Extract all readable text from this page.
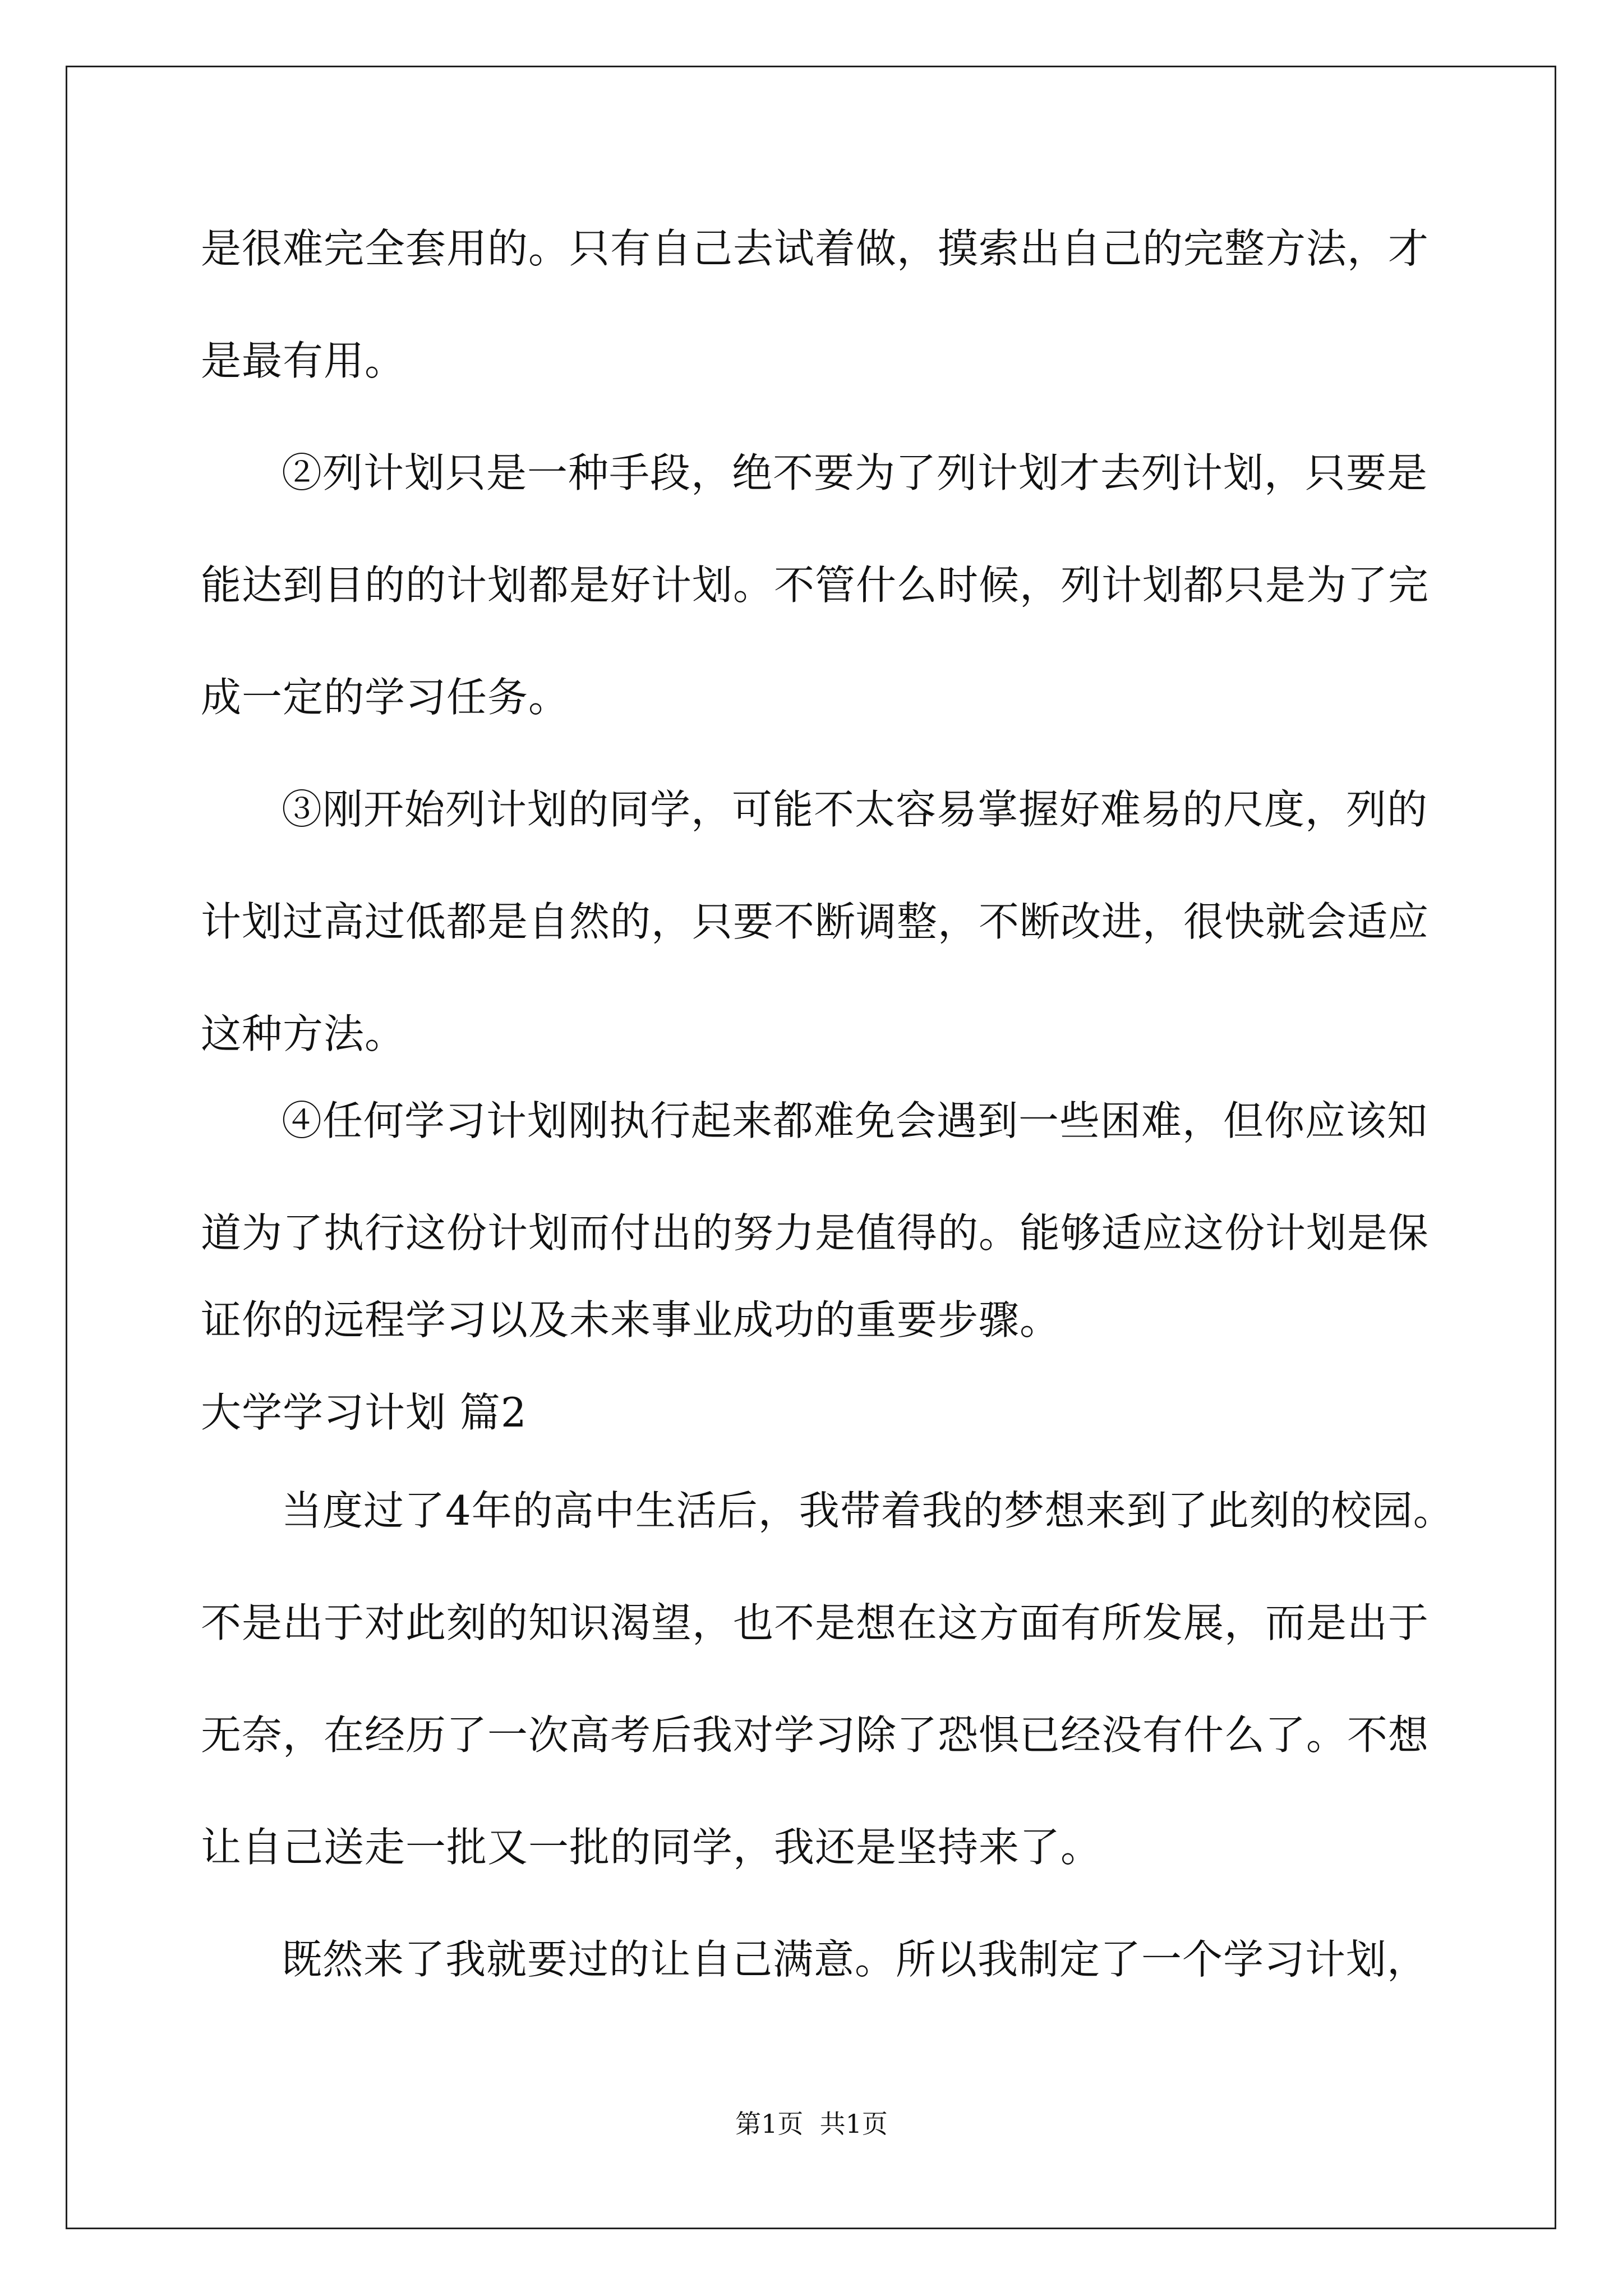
是很难完全套用的。只有自己去试着做，摸索出自己的完整方法，才
是最有用。
②列计划只是一种手段，绝不要为了列计划才去列计划，只要是
能达到目的的计划都是好计划。不管什么时候，列计划都只是为了完
成一定的学习任务。
③刚开始列计划的同学，可能不太容易掌握好难易的尺度，列的
计划过高过低都是自然的，只要不断调整，不断改进，很快就会适应
这种方法。
④任何学习计划刚执行起来都难免会遇到一些困难，但你应该知
道为了执行这份计划而付出的努力是值得的。能够适应这份计划是保
证你的远程学习以及未来事业成功的重要步骤。
大学学习计划 篇2
当度过了4年的高中生活后，我带着我的梦想来到了此刻的校园。
不是出于对此刻的知识渴望，也不是想在这方面有所发展，而是出于
无奈，在经历了一次高考后我对学习除了恐惧已经没有什么了。不想
让自己送走一批又一批的同学，我还是坚持来了。
既然来了我就要过的让自己满意。所以我制定了一个学习计划，
第1页  共1页
